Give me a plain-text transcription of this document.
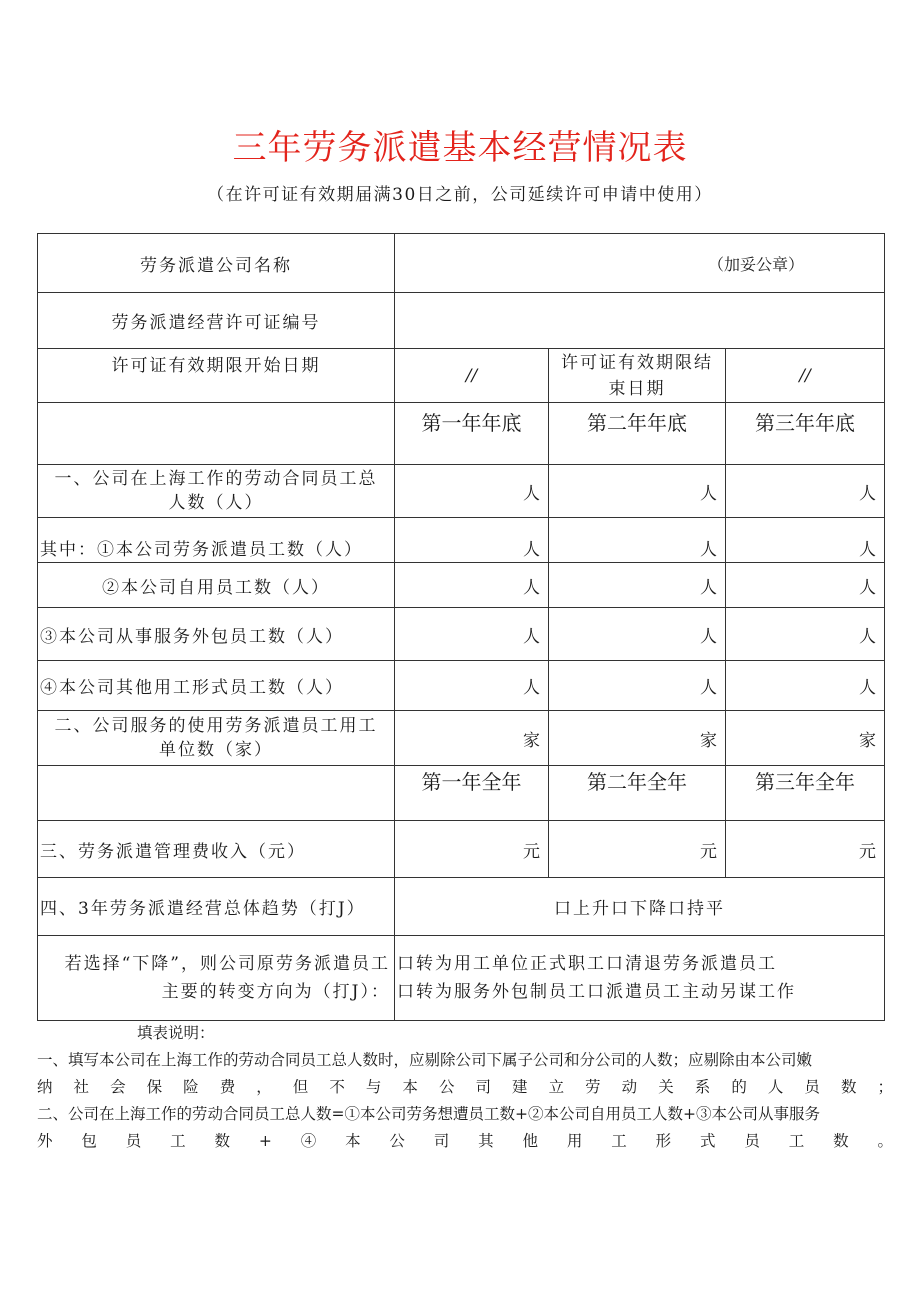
三年劳务派遣基本经营情况表
（在许可证有效期届满30日之前，公司延续许可申请中使用）
劳务派遣公司名称	（加妥公章）		
劳务派遣经营许可证编号			
许可证有效期限开始日期	//	许可证有效期限结束日期	//
	第一年年底	第二年年底	第三年年底
一、公司在上海工作的劳动合同员工总人数（人）	人	人	人
其中：①本公司劳务派遣员工数（人）	人	人	人
②本公司自用员工数（人）	人	人	人
③本公司从事服务外包员工数（人）	人	人	人
④本公司其他用工形式员工数（人）	人	人	人
二、公司服务的使用劳务派遣员工用工单位数（家）	家	家	家
	第一年全年	第二年全年	第三年全年
三、劳务派遣管理费收入（元）	元	元	元
四、3年劳务派遣经营总体趋势（打J）	口上升口下降口持平		
若选择“下降”，则公司原劳务派遣员工主要的转变方向为（打J）：	口转为用工单位正式职工口清退劳务派遣员工
口转为服务外包制员工口派遣员工主动另谋工作		
填表说明：
一、填写本公司在上海工作的劳动合同员工总人数时，应剔除公司下属子公司和分公司的人数；应剔除由本公司嫩
纳社会保险费，但不与本公司建立劳动关系的人员数；
二、公司在上海工作的劳动合同员工总人数=①本公司劳务想遭员工数+②本公司自用员工人数+③本公司从事服务
外包员工数+④本公司其他用工形式员工数。
